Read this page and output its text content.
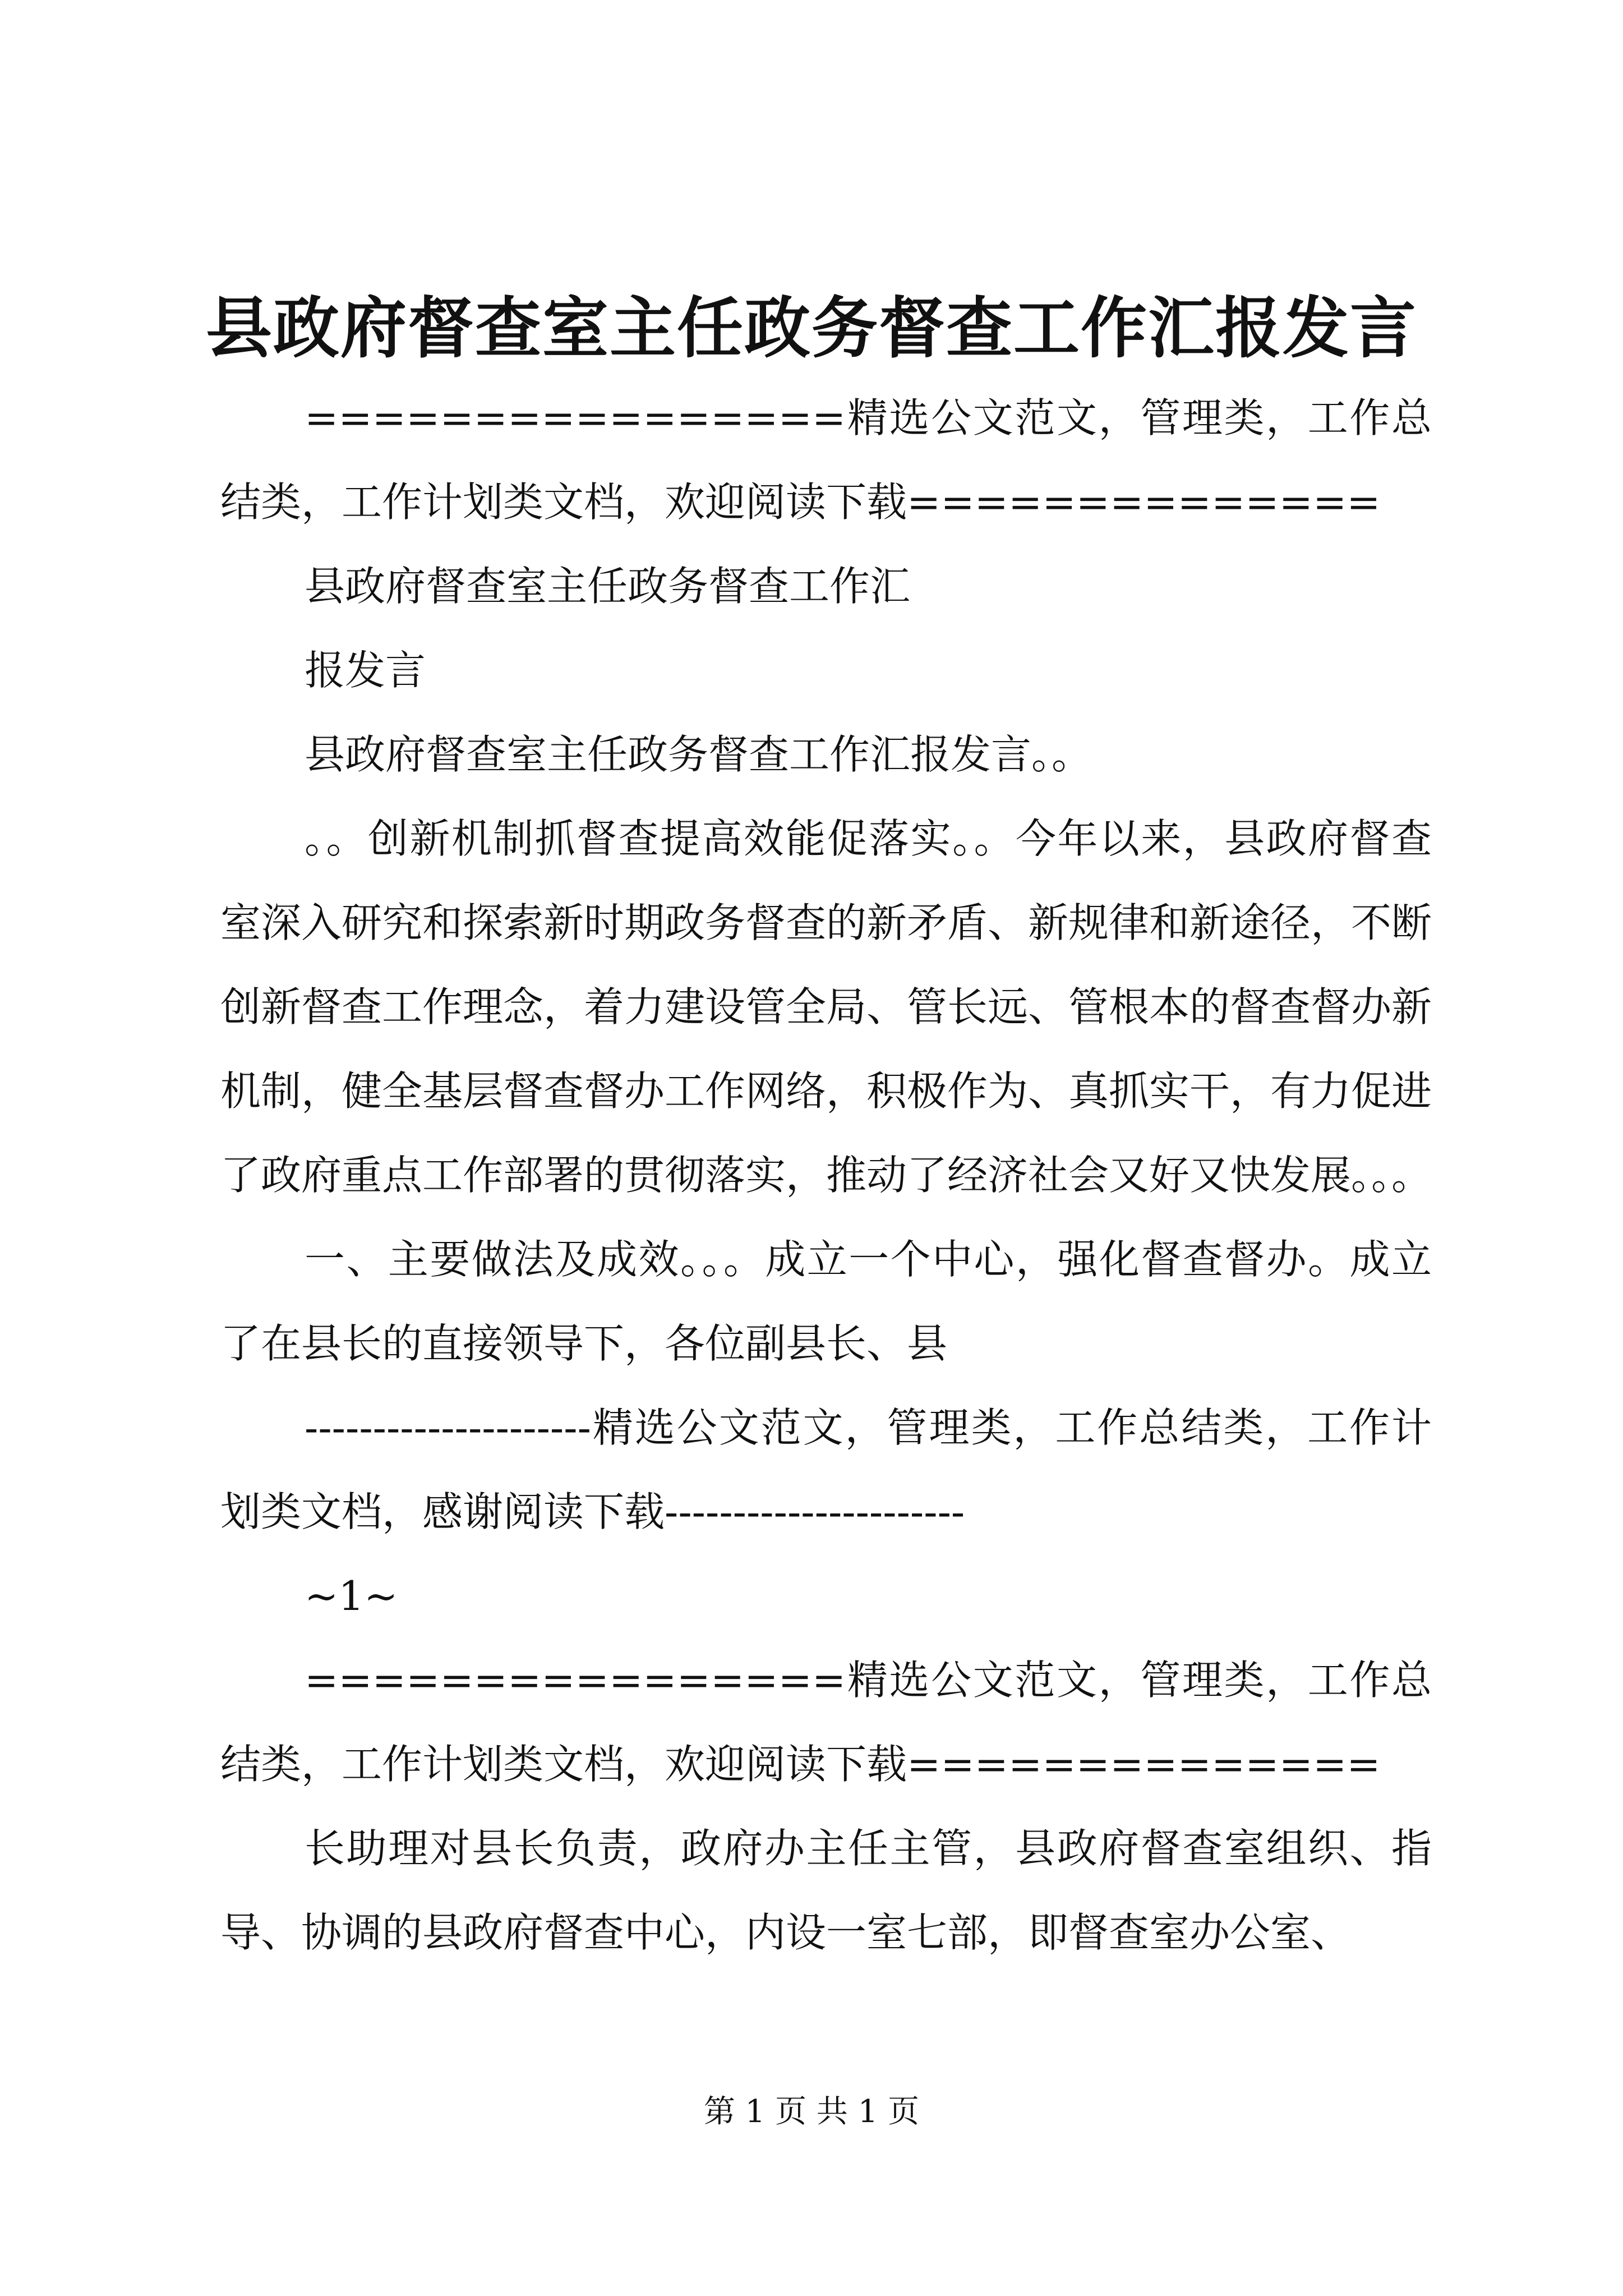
县政府督查室主任政务督查工作汇报发言

================精选公文范文，管理类，工作总结类，工作计划类文档，欢迎阅读下载==============

县政府督查室主任政务督查工作汇

报发言

县政府督查室主任政务督查工作汇报发言。。

。。创新机制抓督查提高效能促落实。。今年以来，县政府督查室深入研究和探索新时期政务督查的新矛盾、新规律和新途径，不断创新督查工作理念，着力建设管全局、管长远、管根本的督查督办新机制，健全基层督查督办工作网络，积极作为、真抓实干，有力促进了政府重点工作部署的贯彻落实，推动了经济社会又好又快发展。。。

一、主要做法及成效。。。成立一个中心，强化督查督办。成立了在县长的直接领导下，各位副县长、县

---------------------精选公文范文，管理类，工作总结类，工作计划类文档，感谢阅读下载----------------------

~1~

================精选公文范文，管理类，工作总结类，工作计划类文档，欢迎阅读下载==============

长助理对县长负责，政府办主任主管，县政府督查室组织、指导、协调的县政府督查中心，内设一室七部，即督查室办公室、

第 1 页 共 1 页
